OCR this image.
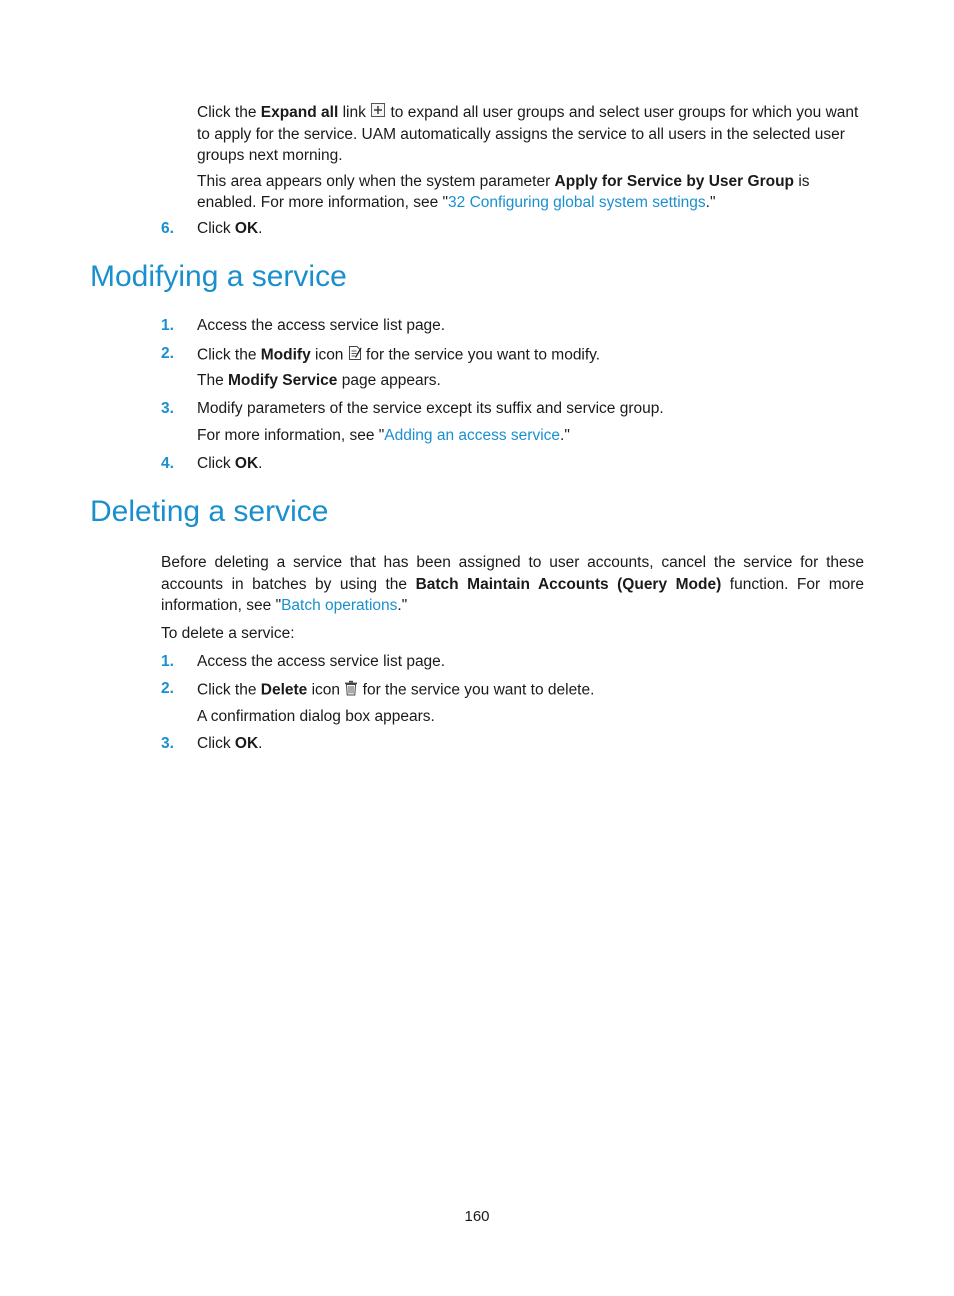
Click the Expand all link  to expand all user groups and select user groups for which you want to apply for the service. UAM automatically assigns the service to all users in the selected user groups next morning.
This area appears only when the system parameter Apply for Service by User Group is enabled. For more information, see "32 Configuring global system settings."
6. Click OK.
Modifying a service
1. Access the access service list page.
2. Click the Modify icon  for the service you want to modify.
The Modify Service page appears.
3. Modify parameters of the service except its suffix and service group.
For more information, see "Adding an access service."
4. Click OK.
Deleting a service
Before deleting a service that has been assigned to user accounts, cancel the service for these accounts in batches by using the Batch Maintain Accounts (Query Mode) function. For more information, see "Batch operations."
To delete a service:
1. Access the access service list page.
2. Click the Delete icon  for the service you want to delete.
A confirmation dialog box appears.
3. Click OK.
160
